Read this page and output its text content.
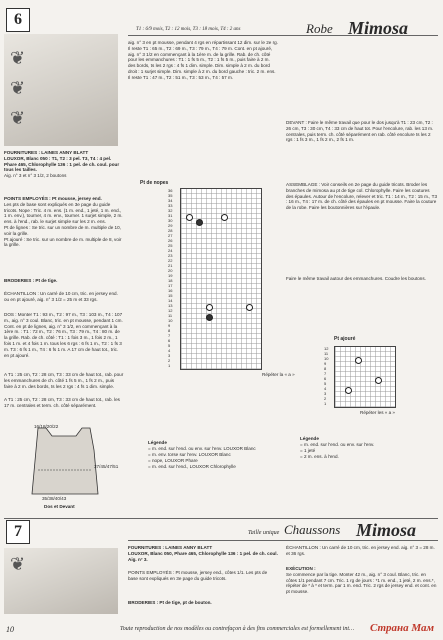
6
❦
❦
❦
T1 : 6/9 mois, T2 : 12 mois, T3 : 18 mois, T4 : 2 ans	Robe Mimosa
FOURNITURES : LAINES ANNY BLATT
LOUXOR, Blanc 050 : T1, T2 : 3 pel. T3, T4 : 4 pel. Phare 465, Chlorophylle 136 : 1 pel. de ch. coul. pour tous les tailles.
Aig. n° 3 et n° 3 1/2, 2 boutons
POINTS EMPLOYÉS : Pt mousse, jersey end.
Les pts de base sont expliqués en 3e page du guide tricots. Nope : Tric. 4 m. ens. (1 m. end., 1 jeté, 1 m. end., 1 m. env.), tourner, 4 m. env., tourner. 1 surjet simple, 2 m. ens. à l'end., rab. le surjet simple sur les 2 m. ens.
Pt de lignes : Se tric. sur un nombre de m. multiple de 10, voir la grille.
Pt ajouré : Se tric. sur un nombre de m. multiple de 8, voir la grille.
BRODERIES : Pt de tige.
ÉCHANTILLON : Un carré de 10 cm, tric. en jersey end. ou en pt ajouré, aig. n° 3 1/2 = 25 m et 33 rgs.
DOS : Monter T1 : 93 m., T2 : 97 m., T3 : 103 m., T4 : 107 m., aig. n° 3 coul. Blanc, tric. en pt mousse, pendant 1 cm. Cont. en pt de lignes, aig. n° 3 1/2, en commençant à la 1ère m. : T1 : 72 m., T2 : 76 m., T3 : 79 m., T4 : 80 m. de la grille. Rab. de ch. côté : T1 : 1 fois 3 m., 1 fois 2 m., 1 fois 1 m. et 4 fois 1 m. tous les 6 rgs : 6 fs 1 m., T2 : 1 fs 3 m. T3 : 6 fs 1 m., T4 : 6 fs 1 m. A 17 cm de haut tot., tric. en pt ajouré.
A T1 : 25 cm, T2 : 28 cm, T3 : 33 cm de haut tot., rab. pour les emmanchures de ch. côté 1 fs 5 m., 1 fs 2 m., puis faire à 2 m. des bords, ts les 2 rgs : 4 fs 1 dim. simple.
A T1 : 25 cm, T2 : 28 cm, T3 : 33 cm de haut tot., rab. les 17 m. centrales et term. ch. côté séparément.
16/18/20/22
37/45/47/51
35/38/40/43
Dos et Devant
aig. n° 3 en pt mousse, pendant 4 rgs en répartissant 12 dim. sur le 2e rg. Il reste T1 : 65 m., T2 : 69 m., T3 : 79 m., T4 : 79 m. Cont. en pt ajouré, aig. n° 3 1/2 en commençant à la 1ère m. de la grille. Rab. de ch. côté pour les emmanchures : T1 : 1 fs 5 m., T2 : 1 fs 5 m., puis faire à 2 m. des bords, ts les 2 rgs : 4 fs 1 dim. simple. Dim. simple à 2 m. du bord droit : 1 surjet simple. Dim. simple à 2 m. du bord gauche : tric. 2 m. ens. Il reste T1 : 47 m., T2 : 51 m., T3 : 53 m., T4 : 57 m.
Pt de nopes
36
35
34
33
32
31
30
29
28
27
26
25
24
23
22
21
20
19
18
17
16
15
14
13
12
11
10
9
8
7
6
5
4
3
2
1
Répéter la « a »
Pt ajouré
12
11
10
9
8
7
6
5
4
3
2
1
Répéter les « a »
Légende
= m. end. sur l'end. ou env. sur l'env. LOUXOR Blanc
= m. env. torse sur l'env. LOUXOR Blanc
= nope, LOUXOR Phare
= m. end. sur l'end., LOUXOR Chlorophylle
Légende
= m. end. sur l'end. ou env. sur l'env.
= 1 jeté
= 2 m. ens. à l'end.
DEVANT : Faire le même travail que pour le dos jusqu'à T1 : 23 cm, T2 : 26 cm, T3 : 30 cm, T4 : 33 cm de haut tot. Pour l'encolure, rab. les 13 m. centrales, puis term. ch. côté séparément en rab. côté encolure ts les 2 rgs : 1 fs 3 m., 1 fs 2 m., 2 fs 1 m.
ASSEMBLAGE : Voir conseils en 2e page du guide tricots. Broder les branches de mimosa au pt de tige col. Chlorophylle. Faire les coutures des épaules. Autour de l'encolure, relever et tric. T1 : 14 m., T2 : 15 m., T3 : 16 m., T4 : 17 m. de ch. côté des épaules en pt mousse. Faire la couture de la robe. Faire les boutonnières sur l'épaule.
Faire le même travail autour des emmanchures. Coudre les boutons.
7
❦
Taille unique Chaussons Mimosa
FOURNITURES : LAINES ANNY BLATT
LOUXOR, Blanc 050, Phare 465, Chlorophylle 136 : 1 pel. de ch. coul. Aig. n° 3.
POINTS EMPLOYÉS : Pt mousse, jersey end., côtes 1/1. Les pts de base sont expliqués en 3e page du guide tricots.
BRODERIES : Pt de tige, pt de bouton.
ÉCHANTILLON : Un carré de 10 cm, tric. en jersey end. aig. n° 3 = 28 m. et 36 rgs.
EXÉCUTION :
Se commence par la tige. Monter 42 m., aig. n° 3 coul. Blanc, tric. en côtes 1/1 pendant 7 cm. Tric. 1 rg de jours : *1 m. end., 1 jeté, 2 m. ens.*, répéter de * à * et term. par 1 m. end. Tric. 2 rgs de jersey end. et cont. en pt mousse.
10	Toute reproduction de nos modèles ou contrefaçon à des fins commerciales est formellement int… Страна Мам
